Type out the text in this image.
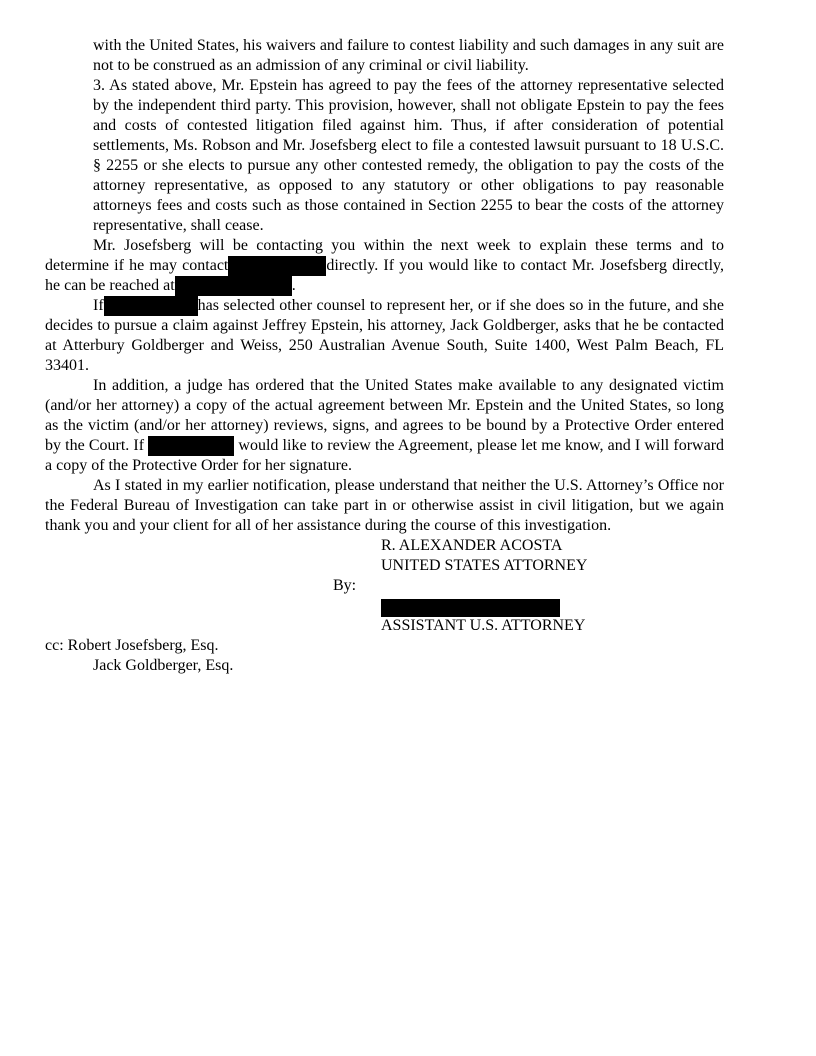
with the United States, his waivers and failure to contest liability and such damages in any suit are not to be construed as an admission of any criminal or civil liability.

3. As stated above, Mr. Epstein has agreed to pay the fees of the attorney representative selected by the independent third party. This provision, however, shall not obligate Epstein to pay the fees and costs of contested litigation filed against him. Thus, if after consideration of potential settlements, Ms. Robson and Mr. Josefsberg elect to file a contested lawsuit pursuant to 18 U.S.C. § 2255 or she elects to pursue any other contested remedy, the obligation to pay the costs of the attorney representative, as opposed to any statutory or other obligations to pay reasonable attorneys fees and costs such as those contained in Section 2255 to bear the costs of the attorney representative, shall cease.

Mr. Josefsberg will be contacting you within the next week to explain these terms and to determine if he may contact	directly. If you would like to contact Mr. Josefsberg directly, he can be reached at	.

If	has selected other counsel to represent her, or if she does so in the future, and she decides to pursue a claim against Jeffrey Epstein, his attorney, Jack Goldberger, asks that he be contacted at Atterbury Goldberger and Weiss, 250 Australian Avenue South, Suite 1400, West Palm Beach, FL 33401.

In addition, a judge has ordered that the United States make available to any designated victim (and/or her attorney) a copy of the actual agreement between Mr. Epstein and the United States, so long as the victim (and/or her attorney) reviews, signs, and agrees to be bound by a Protective Order entered by the Court. If	would like to review the Agreement, please let me know, and I will forward a copy of the Protective Order for her signature.

As I stated in my earlier notification, please understand that neither the U.S. Attorney’s Office nor the Federal Bureau of Investigation can take part in or otherwise assist in civil litigation, but we again thank you and your client for all of her assistance during the course of this investigation.

R. ALEXANDER ACOSTA
UNITED STATES ATTORNEY
By:
ASSISTANT U.S. ATTORNEY

cc: Robert Josefsberg, Esq.

Jack Goldberger, Esq.
